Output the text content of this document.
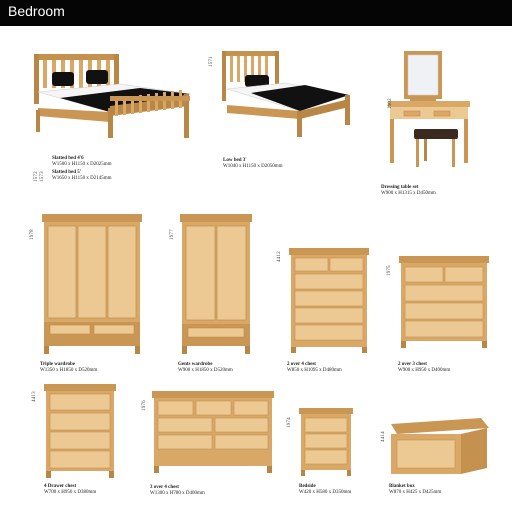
Bedroom
1572 1573
Slatted bed 4'6
W1500 x H1150 x D2025mm
Slatted bed 5'
W1650 x H1150 x D2145mm
1571
Low bed 3'
W1040 x H1150 x D2050mm
1902
Dressing table set
W900 x H1315 x D450mm
1978
Triple wardrobe
W1350 x H1850 x D520mm
1977
Gents wardrobe
W900 x H1850 x D520mm
4412
2 over 4 chest
W850 x H1095 x D480mm
1975
2 over 3 chest
W900 x H950 x D400mm
4413
4 Drawer chest
W700 x H950 x D380mm
1976
3 over 4 chest
W1300 x H780 x D400mm
1974
Bedside
W420 x H580 x D350mm
4414
Blanket box
W870 x H425 x D425mm
